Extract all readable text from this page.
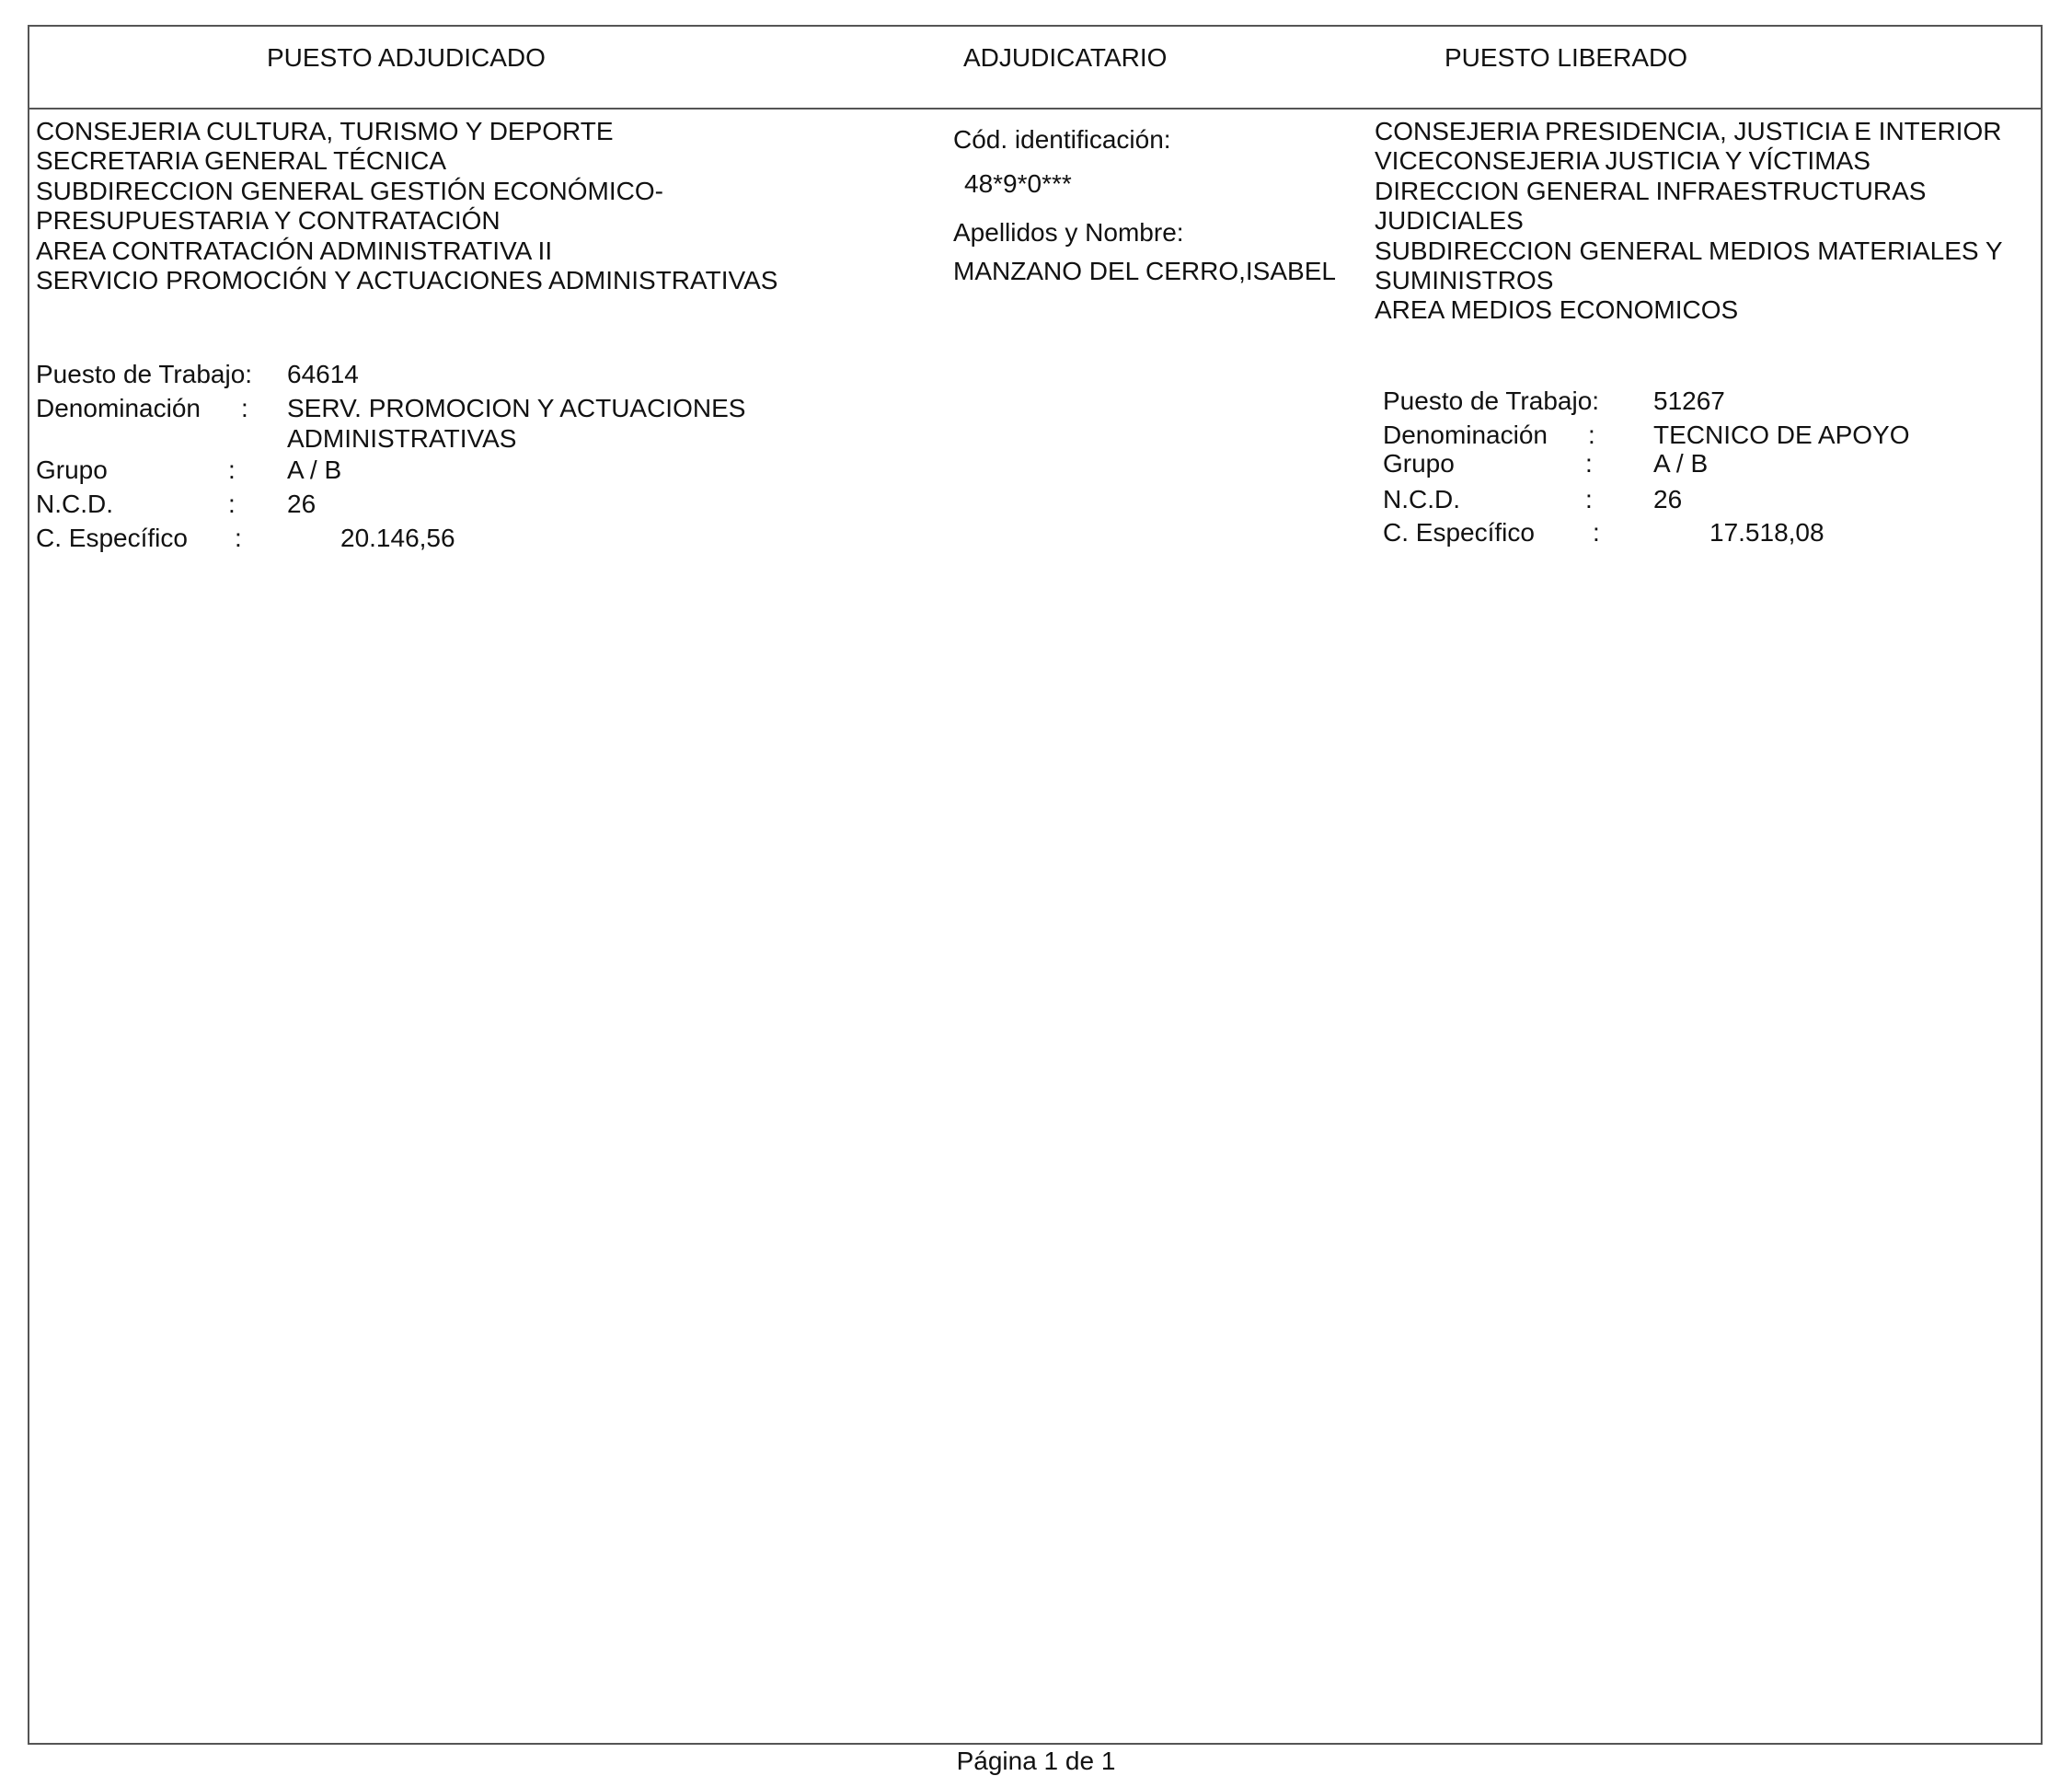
PUESTO ADJUDICADO	ADJUDICATARIO	PUESTO LIBERADO
CONSEJERIA CULTURA, TURISMO Y DEPORTE
SECRETARIA GENERAL TÉCNICA
SUBDIRECCION GENERAL GESTIÓN ECONÓMICO-
PRESUPUESTARIA Y CONTRATACIÓN
AREA CONTRATACIÓN ADMINISTRATIVA II
SERVICIO PROMOCIÓN Y ACTUACIONES ADMINISTRATIVAS
Puesto de Trabajo: 64614
Denominación : SERV. PROMOCION Y ACTUACIONES
ADMINISTRATIVAS
Grupo	: A / B
N.C.D.	: 26
C. Específico :	20.146,56
Cód. identificación:
48*9*0***
Apellidos y Nombre:
MANZANO DEL CERRO,ISABEL
CONSEJERIA PRESIDENCIA, JUSTICIA E INTERIOR
VICECONSEJERIA JUSTICIA Y VÍCTIMAS
DIRECCION GENERAL INFRAESTRUCTURAS
JUDICIALES
SUBDIRECCION GENERAL MEDIOS MATERIALES Y
SUMINISTROS
AREA MEDIOS ECONOMICOS
Puesto de Trabajo: 51267
Denominación : TECNICO DE APOYO
Grupo	: A / B
N.C.D.	: 26
C. Específico :	17.518,08
Página 1 de 1
